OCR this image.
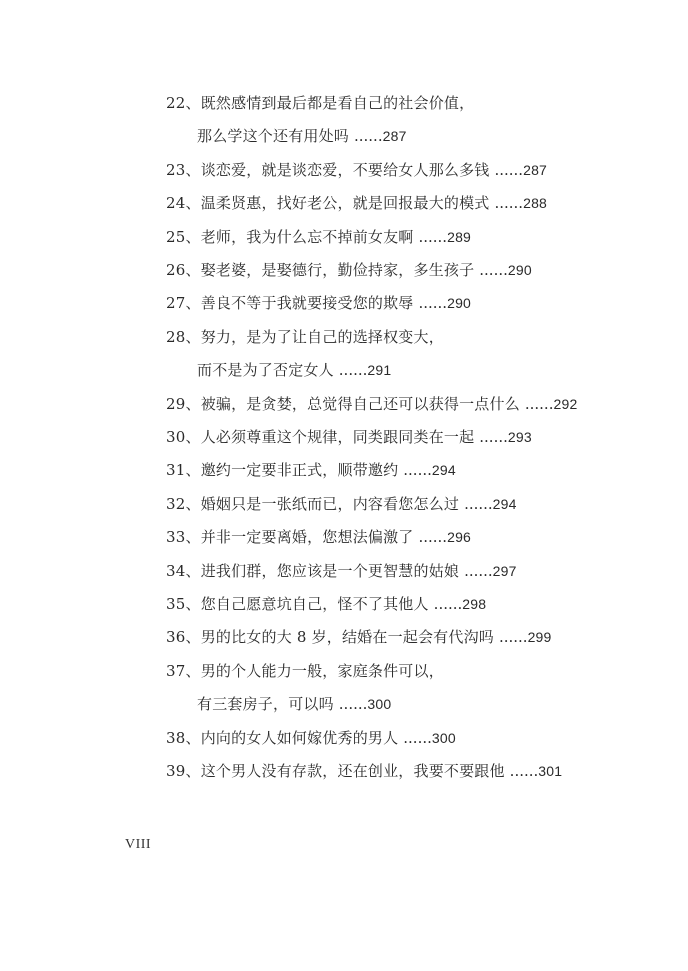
22、既然感情到最后都是看自己的社会价值，
那么学这个还有用处吗 ......287
23、谈恋爱，就是谈恋爱，不要给女人那么多钱 ......287
24、温柔贤惠，找好老公，就是回报最大的模式 ......288
25、老师，我为什么忘不掉前女友啊 ......289
26、娶老婆，是娶德行，勤俭持家，多生孩子 ......290
27、善良不等于我就要接受您的欺辱 ......290
28、努力，是为了让自己的选择权变大，
而不是为了否定女人 ......291
29、被骗，是贪婪，总觉得自己还可以获得一点什么 ......292
30、人必须尊重这个规律，同类跟同类在一起 ......293
31、邀约一定要非正式，顺带邀约 ......294
32、婚姻只是一张纸而已，内容看您怎么过 ......294
33、并非一定要离婚，您想法偏激了 ......296
34、进我们群，您应该是一个更智慧的姑娘 ......297
35、您自己愿意坑自己，怪不了其他人 ......298
36、男的比女的大 8 岁，结婚在一起会有代沟吗 ......299
37、男的个人能力一般，家庭条件可以，
有三套房子，可以吗 ......300
38、内向的女人如何嫁优秀的男人 ......300
39、这个男人没有存款，还在创业，我要不要跟他 ......301
VIII
